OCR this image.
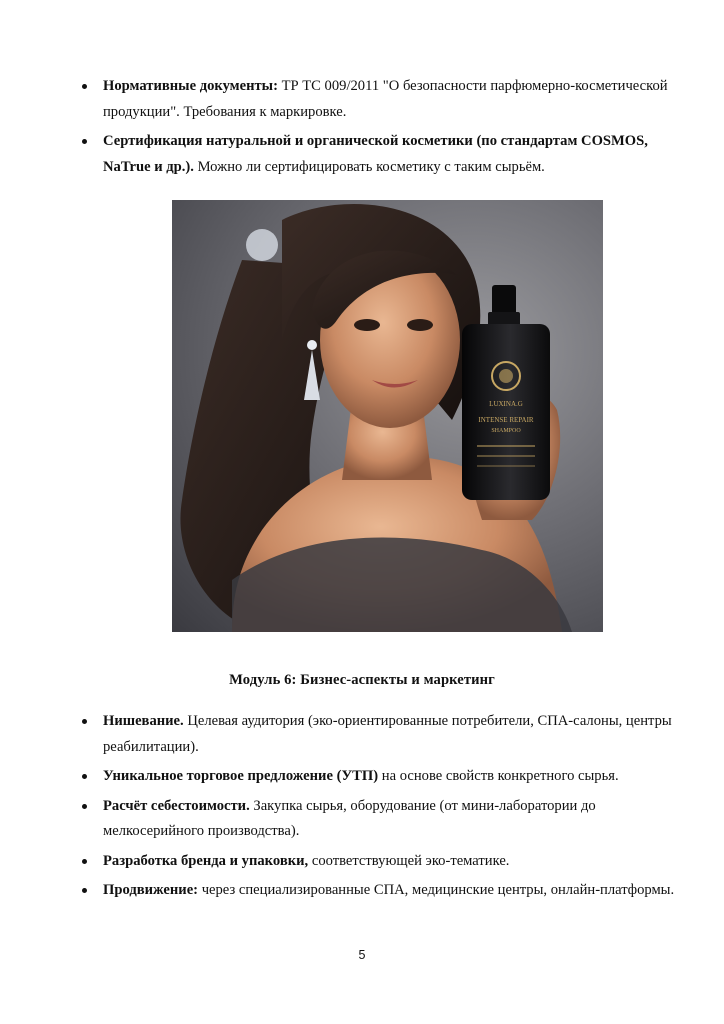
Нормативные документы: ТР ТС 009/2011 "О безопасности парфюмерно-косметической продукции". Требования к маркировке.
Сертификация натуральной и органической косметики (по стандартам COSMOS, NaTrue и др.). Можно ли сертифицировать косметику с таким сырьём.
LUXINA.G
INTENSE REPAIR
SHAMPOO
Модуль 6: Бизнес-аспекты и маркетинг
Нишевание. Целевая аудитория (эко-ориентированные потребители, СПА-салоны, центры реабилитации).
Уникальное торговое предложение (УТП) на основе свойств конкретного сырья.
Расчёт себестоимости. Закупка сырья, оборудование (от мини-лаборатории до мелкосерийного производства).
Разработка бренда и упаковки, соответствующей эко-тематике.
Продвижение: через специализированные СПА, медицинские центры, онлайн-платформы.
5
